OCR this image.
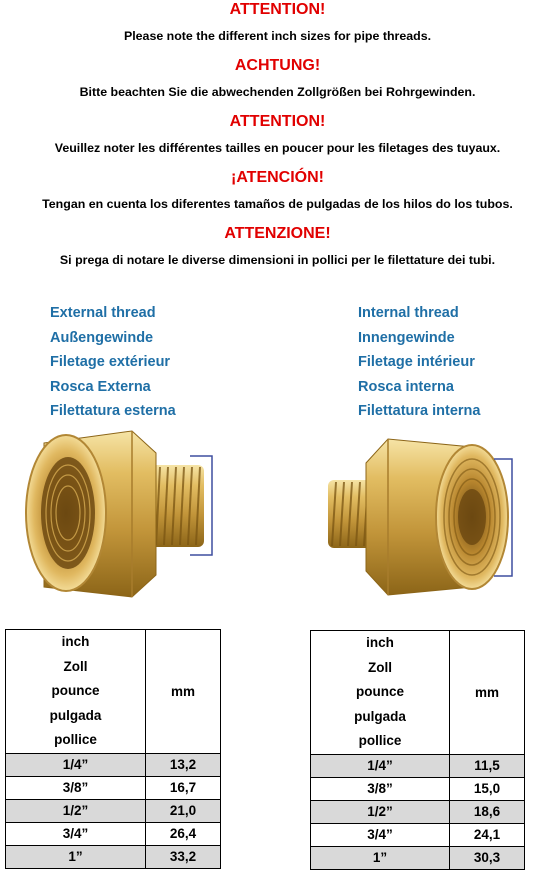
ATTENTION!
Please note the different inch sizes for pipe threads.
ACHTUNG!
Bitte beachten Sie die abwechenden Zollgrößen bei Rohrgewinden.
ATTENTION!
Veuillez noter les différentes tailles en poucer pour les filetages des tuyaux.
¡ATENCIÓN!
Tengan en cuenta los diferentes tamaños de pulgadas de los hilos do los tubos.
ATTENZIONE!
Si prega di notare le diverse dimensioni in pollici per le filettature dei tubi.
External thread
Außengewinde
Filetage extérieur
Rosca Externa
Filettatura esterna
Internal thread
Innengewinde
Filetage intérieur
Rosca interna
Filettatura interna
inch
Zoll
pounce
pulgada
pollice	mm
1/4”	13,2
3/8”	16,7
1/2”	21,0
3/4”	26,4
1”	33,2
inch
Zoll
pounce
pulgada
pollice	mm
1/4”	11,5
3/8”	15,0
1/2”	18,6
3/4”	24,1
1”	30,3
